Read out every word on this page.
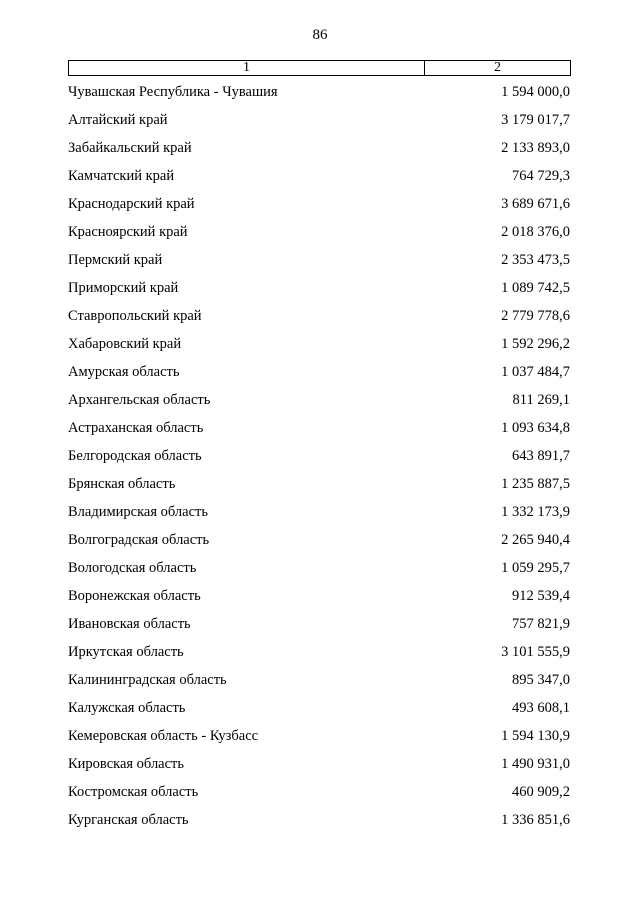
86
1	2
Чувашская Республика - Чувашия	1 594 000,0
Алтайский край	3 179 017,7
Забайкальский край	2 133 893,0
Камчатский край	764 729,3
Краснодарский край	3 689 671,6
Красноярский край	2 018 376,0
Пермский край	2 353 473,5
Приморский край	1 089 742,5
Ставропольский край	2 779 778,6
Хабаровский край	1 592 296,2
Амурская область	1 037 484,7
Архангельская область	811 269,1
Астраханская область	1 093 634,8
Белгородская область	643 891,7
Брянская область	1 235 887,5
Владимирская область	1 332 173,9
Волгоградская область	2 265 940,4
Вологодская область	1 059 295,7
Воронежская область	912 539,4
Ивановская область	757 821,9
Иркутская область	3 101 555,9
Калининградская область	895 347,0
Калужская область	493 608,1
Кемеровская область - Кузбасс	1 594 130,9
Кировская область	1 490 931,0
Костромская область	460 909,2
Курганская область	1 336 851,6
